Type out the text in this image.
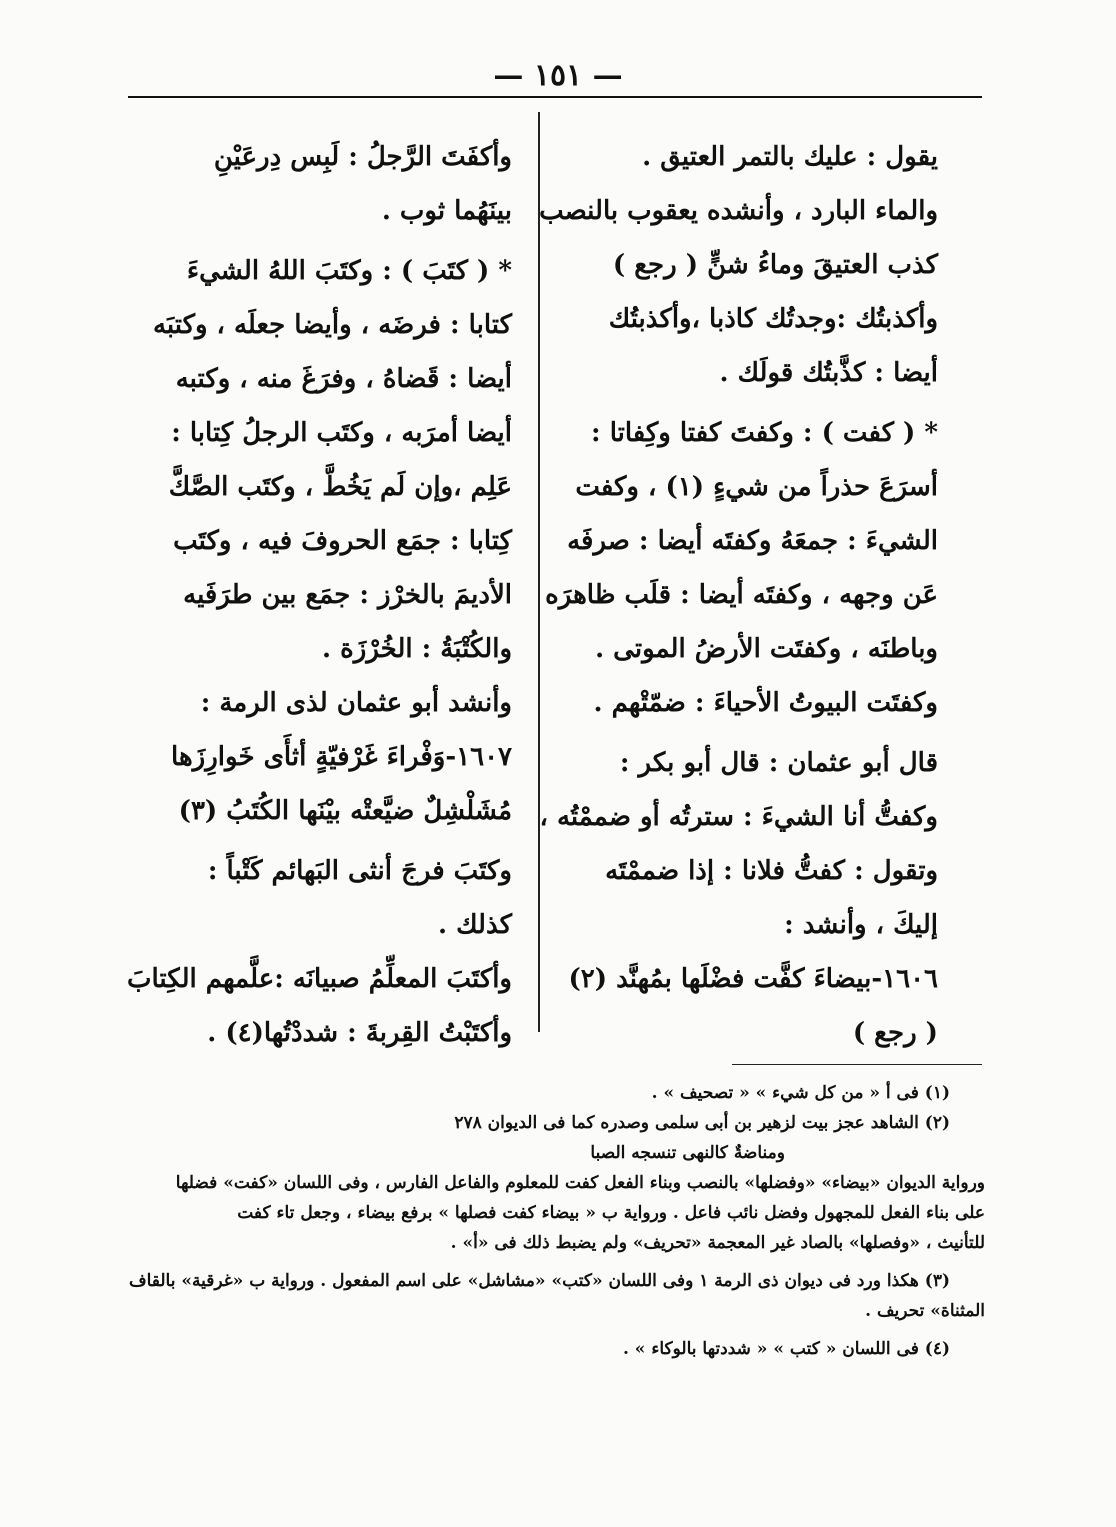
— ١٥١ —

يقول : عليك بالتمر العتيق .

والماء البارد ، وأنشده يعقوب بالنصب

كذب العتيقَ وماءُ شنٍّ ( رجع )

وأكذبتُك :وجدتُك كاذبا ،وأكذبتُك

أيضا : كذَّبتُك قولَك .

* ( كفت ) : وكفتَ كفتا وكِفاتا :

أسرَعَ حذراً من شيءٍ (١) ، وكفت

الشيءَ : جمعَهُ وكفتَه أيضا : صرفَه

عَن وجهه ، وكفتَه أيضا : قلَب ظاهرَه

وباطنَه ، وكفتَت الأرضُ الموتى .

وكفتَت البيوتُ الأحياءَ : ضمّتْهم .

قال أبو عثمان : قال أبو بكر :

وكفتُّ أنا الشيءَ : سترتُه أو ضممْتُه ،

وتقول : كفتُّ فلانا : إذا ضممْتَه

إليكَ ، وأنشد :

١٦٠٦-بيضاءَ كفَّت فضْلَها بمُهنَّد (٢)

( رجع )

وأكفَتَ الرَّجلُ : لَبِس دِرعَيْنِ

بينَهُما ثوب .

* ( كتَبَ ) : وكتَبَ اللهُ الشيءَ

كتابا : فرضَه ، وأيضا جعلَه ، وكتبَه

أيضا : قَضاهُ ، وفرَغَ منه ، وكتبه

أيضا أمرَبه ، وكتَب الرجلُ كِتابا :

عَلِم ،وإن لَم يَخُطَّ ، وكتَب الصَّكَّ

كِتابا : جمَع الحروفَ فيه ، وكتَب

الأديمَ بالخرْز : جمَع بين طرَفَيه

والكُتْبَةُ : الخُرْزَة .

وأنشد أبو عثمان لذى الرمة :

١٦٠٧-وَفْراءَ غَرْفيّةٍ أثأَى خَوارِزَها

مُشَلْشِلٌ ضيَّعتْه بيْنَها الكُتَبُ (٣)

وكتَبَ فرجَ أنثى البَهائم كَتْباً :

كذلك .

وأكتَبَ المعلِّمُ صبيانَه :علَّمهم الكِتابَ

وأكتَبْتُ القِربةَ : شددْتُها(٤) .

(١) فى أ « من كل شيء » « تصحيف » .

(٢) الشاهد عجز بيت لزهير بن أبى سلمى وصدره كما فى الديوان ٢٧٨

ومناضةٌ كالنهى تنسجه الصبا

ورواية الديوان «بيضاء» «وفضلها» بالنصب وبناء الفعل كفت للمعلوم والفاعل الفارس ، وفى اللسان «كفت» فضلها

على بناء الفعل للمجهول وفضل نائب فاعل . ورواية ب « بيضاء كفت فصلها » برفع بيضاء ، وجعل تاء كفت

للتأنيث ، «وفصلها» بالصاد غير المعجمة «تحريف» ولم يضبط ذلك فى «أ» .

(٣) هكذا ورد فى ديوان ذى الرمة ١ وفى اللسان «كتب» «مشاشل» على اسم المفعول . ورواية ب «غرقية» بالقاف

المثناة» تحريف .

(٤) فى اللسان « كتب » « شددتها بالوكاء » .
